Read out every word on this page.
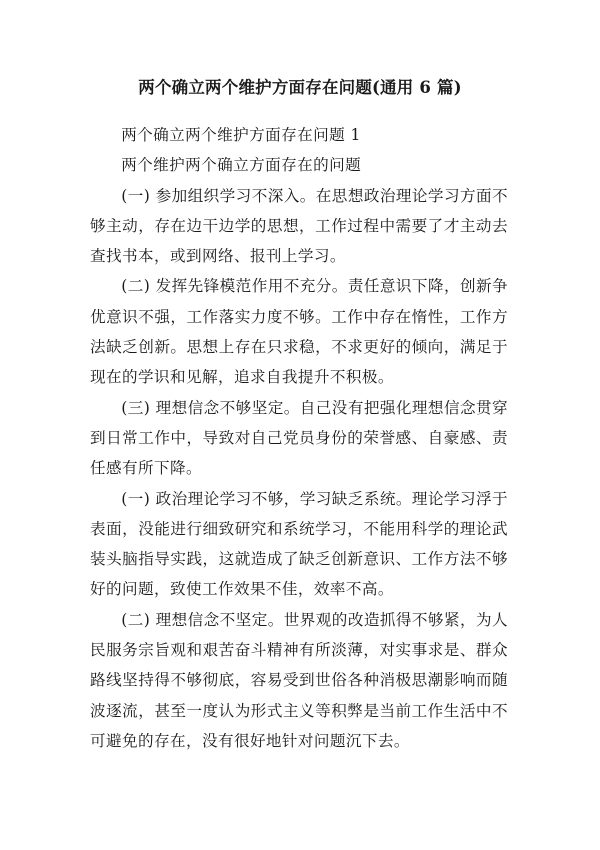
两个确立两个维护方面存在问题(通用 6 篇)

两个确立两个维护方面存在问题 1

两个维护两个确立方面存在的问题

(一) 参加组织学习不深入。在思想政治理论学习方面不够主动，存在边干边学的思想，工作过程中需要了才主动去查找书本，或到网络、报刊上学习。

(二) 发挥先锋模范作用不充分。责任意识下降，创新争优意识不强，工作落实力度不够。工作中存在惰性，工作方法缺乏创新。思想上存在只求稳，不求更好的倾向，满足于现在的学识和见解，追求自我提升不积极。

(三) 理想信念不够坚定。自己没有把强化理想信念贯穿到日常工作中，导致对自己党员身份的荣誉感、自豪感、责任感有所下降。

(一) 政治理论学习不够，学习缺乏系统。理论学习浮于表面，没能进行细致研究和系统学习，不能用科学的理论武装头脑指导实践，这就造成了缺乏创新意识、工作方法不够好的问题，致使工作效果不佳，效率不高。

(二) 理想信念不坚定。世界观的改造抓得不够紧，为人民服务宗旨观和艰苦奋斗精神有所淡薄，对实事求是、群众路线坚持得不够彻底，容易受到世俗各种消极思潮影响而随波逐流，甚至一度认为形式主义等积弊是当前工作生活中不可避免的存在，没有很好地针对问题沉下去。
